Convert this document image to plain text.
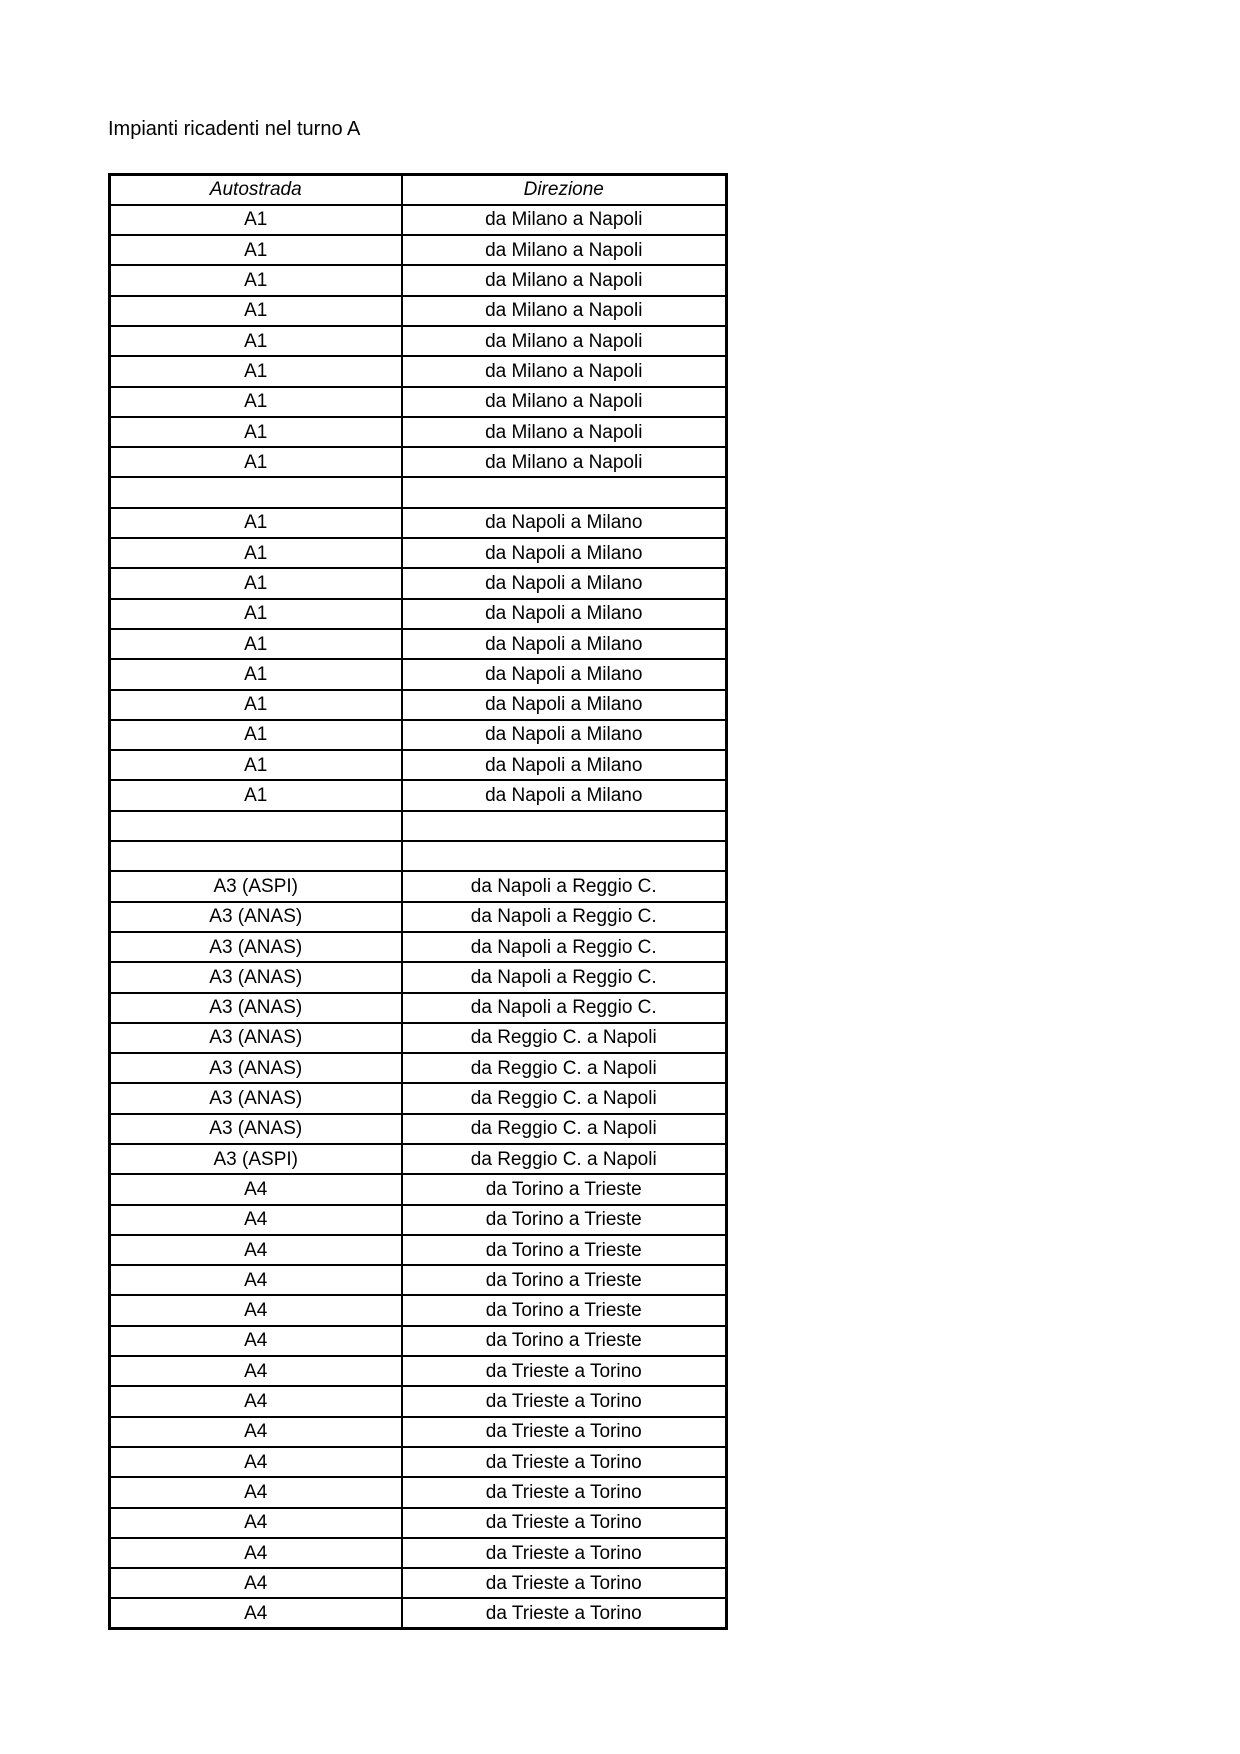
Impianti ricadenti nel turno A
Autostrada	Direzione
A1	da Milano a Napoli
A1	da Milano a Napoli
A1	da Milano a Napoli
A1	da Milano a Napoli
A1	da Milano a Napoli
A1	da Milano a Napoli
A1	da Milano a Napoli
A1	da Milano a Napoli
A1	da Milano a Napoli

A1	da Napoli a Milano
A1	da Napoli a Milano
A1	da Napoli a Milano
A1	da Napoli a Milano
A1	da Napoli a Milano
A1	da Napoli a Milano
A1	da Napoli a Milano
A1	da Napoli a Milano
A1	da Napoli a Milano
A1	da Napoli a Milano

A3 (ASPI)	da Napoli a Reggio C.
A3 (ANAS)	da Napoli a Reggio C.
A3 (ANAS)	da Napoli a Reggio C.
A3 (ANAS)	da Napoli a Reggio C.
A3 (ANAS)	da Napoli a Reggio C.
A3 (ANAS)	da Reggio C. a Napoli
A3 (ANAS)	da Reggio C. a Napoli
A3 (ANAS)	da Reggio C. a Napoli
A3 (ANAS)	da Reggio C. a Napoli
A3 (ASPI)	da Reggio C. a Napoli
A4	da Torino a Trieste
A4	da Torino a Trieste
A4	da Torino a Trieste
A4	da Torino a Trieste
A4	da Torino a Trieste
A4	da Torino a Trieste
A4	da Trieste a Torino
A4	da Trieste a Torino
A4	da Trieste a Torino
A4	da Trieste a Torino
A4	da Trieste a Torino
A4	da Trieste a Torino
A4	da Trieste a Torino
A4	da Trieste a Torino
A4	da Trieste a Torino
